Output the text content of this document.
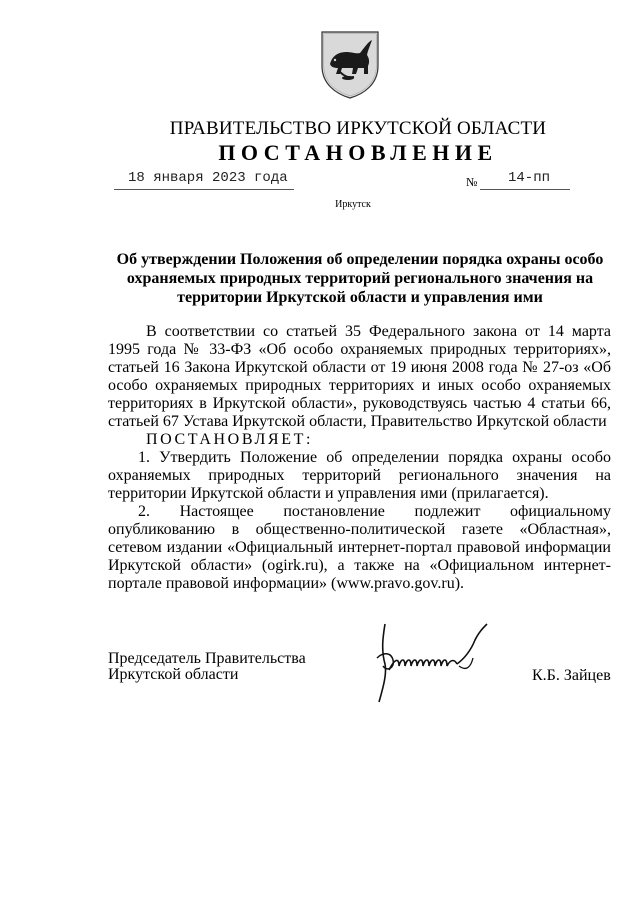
ПРАВИТЕЛЬСТВО ИРКУТСКОЙ ОБЛАСТИ
ПОСТАНОВЛЕНИЕ
18 января 2023 года	№ 14-пп
Иркутск
Об утверждении Положения об определении порядка охраны особо охраняемых природных территорий регионального значения на территории Иркутской области и управления ими

В соответствии со статьей 35 Федерального закона от 14 марта 1995 года № 33-ФЗ «Об особо охраняемых природных территориях», статьей 16 Закона Иркутской области от 19 июня 2008 года № 27-оз «Об особо охраняемых природных территориях и иных особо охраняемых территориях в Иркутской области», руководствуясь частью 4 статьи 66, статьей 67 Устава Иркутской области, Правительство Иркутской области

ПОСТАНОВЛЯЕТ:

1. Утвердить Положение об определении порядка охраны особо охраняемых природных территорий регионального значения на территории Иркутской области и управления ими (прилагается).

2. Настоящее постановление подлежит официальному опубликованию в общественно-политической газете «Областная», сетевом издании «Официальный интернет-портал правовой информации Иркутской области» (ogirk.ru), а также на «Официальном интернет-портале правовой информации» (www.pravo.gov.ru).

Председатель Правительства
Иркутской области	К.Б. Зайцев
